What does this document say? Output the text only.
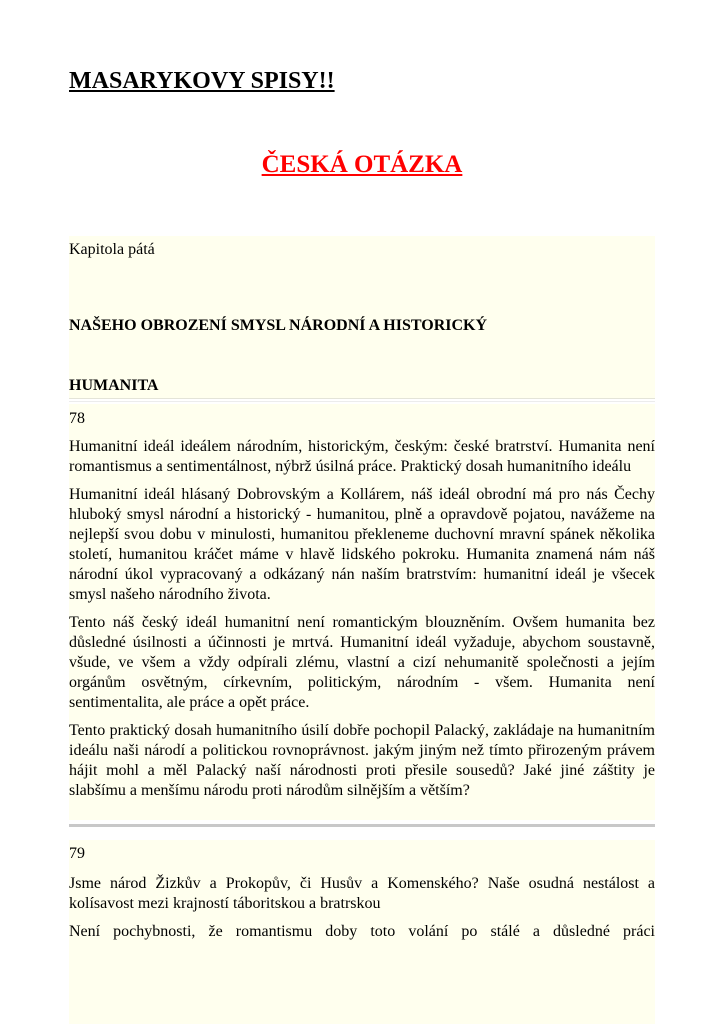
MASARYKOVY SPISY!!
ČESKÁ OTÁZKA
Kapitola pátá
NAŠEHO OBROZENÍ SMYSL NÁRODNÍ A HISTORICKÝ
HUMANITA
78

Humanitní ideál ideálem národním, historickým, českým: české bratrství. Humanita není romantismus a sentimentálnost, nýbrž úsilná práce. Praktický dosah humanitního ideálu

Humanitní ideál hlásaný Dobrovským a Kollárem, náš ideál obrodní má pro nás Čechy hluboký smysl národní a historický - humanitou, plně a opravdově pojatou, navážeme na nejlepší svou dobu v minulosti, humanitou překleneme duchovní mravní spánek několika století, humanitou kráčet máme v hlavě lidského pokroku. Humanita znamená nám náš národní úkol vypracovaný a odkázaný nán naším bratrstvím: humanitní ideál je všecek smysl našeho národního života.

Tento náš český ideál humanitní není romantickým blouzněním. Ovšem humanita bez důsledné úsilnosti a účinnosti je mrtvá. Humanitní ideál vyžaduje, abychom soustavně, všude, ve všem a vždy odpírali zlému, vlastní a cizí nehumanitě společnosti a jejím orgánům osvětným, církevním, politickým, národním - všem. Humanita není sentimentalita, ale práce a opět práce.

Tento praktický dosah humanitního úsilí dobře pochopil Palacký, zakládaje na humanitním ideálu naši národí a politickou rovnoprávnost. jakým jiným než tímto přirozeným právem hájit mohl a měl Palacký naší národnosti proti přesile sousedů? Jaké jiné záštity je slabšímu a menšímu národu proti národům silnějším a větším?

79

Jsme národ Žizkův a Prokopův, či Husův a Komenského? Naše osudná nestálost a kolísavost mezi krajností táboritskou a bratrskou

Není pochybnosti, že romantismu doby toto volání po stálé a důsledné práci
